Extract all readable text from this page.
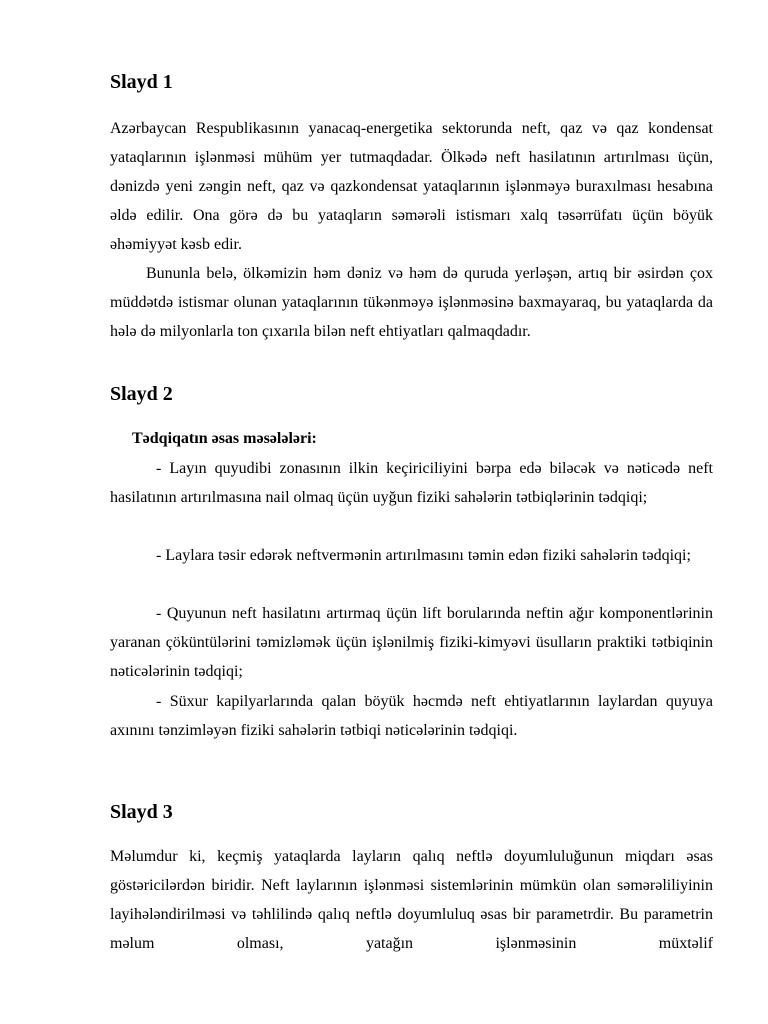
Slayd 1

Azərbaycan Respublikasının yanacaq-energetika sektorunda neft, qaz və qaz kondensat yataqlarının işlənməsi mühüm yer tutmaqdadar. Ölkədə neft hasilatının artırılması üçün, dənizdə yeni zəngin neft, qaz və qazkondensat yataqlarının işlənməyə buraxılması hesabına əldə edilir. Ona görə də bu yataqların səmərəli istismarı xalq təsərrüfatı üçün böyük əhəmiyyət kəsb edir.

Bununla belə, ölkəmizin həm dəniz və həm də quruda yerləşən, artıq bir əsirdən çox müddətdə istismar olunan yataqlarının tükənməyə işlənməsinə baxmayaraq, bu yataqlarda da hələ də milyonlarla ton çıxarıla bilən neft ehtiyatları qalmaqdadır.

Slayd 2

Tədqiqatın əsas məsələləri:

- Layın quyudibi zonasının ilkin keçiriciliyini bərpa edə biləcək və nəticədə neft hasilatının artırılmasına nail olmaq üçün uyğun fiziki sahələrin tətbiqlərinin tədqiqi;

- Laylara təsir edərək neftvermənin artırılmasını təmin edən fiziki sahələrin tədqiqi;

- Quyunun neft hasilatını artırmaq üçün lift borularında neftin ağır komponentlərinin yaranan çöküntülərini təmizləmək üçün işlənilmiş fiziki-kimyəvi üsulların praktiki tətbiqinin nəticələrinin tədqiqi;

- Süxur kapilyarlarında qalan böyük həcmdə neft ehtiyatlarının laylardan quyuya axınını tənzimləyən fiziki sahələrin tətbiqi nəticələrinin tədqiqi.

Slayd 3

Məlumdur ki, keçmiş yataqlarda layların qalıq neftlə doyumluluğunun miqdarı əsas göstəricilərdən biridir. Neft laylarının işlənməsi sistemlərinin mümkün olan səmərəliliyinin layihələndirilməsi və təhlilində qalıq neftlə doyumluluq əsas bir parametrdir. Bu parametrin məlum olması, yatağın işlənməsinin müxtəlif
